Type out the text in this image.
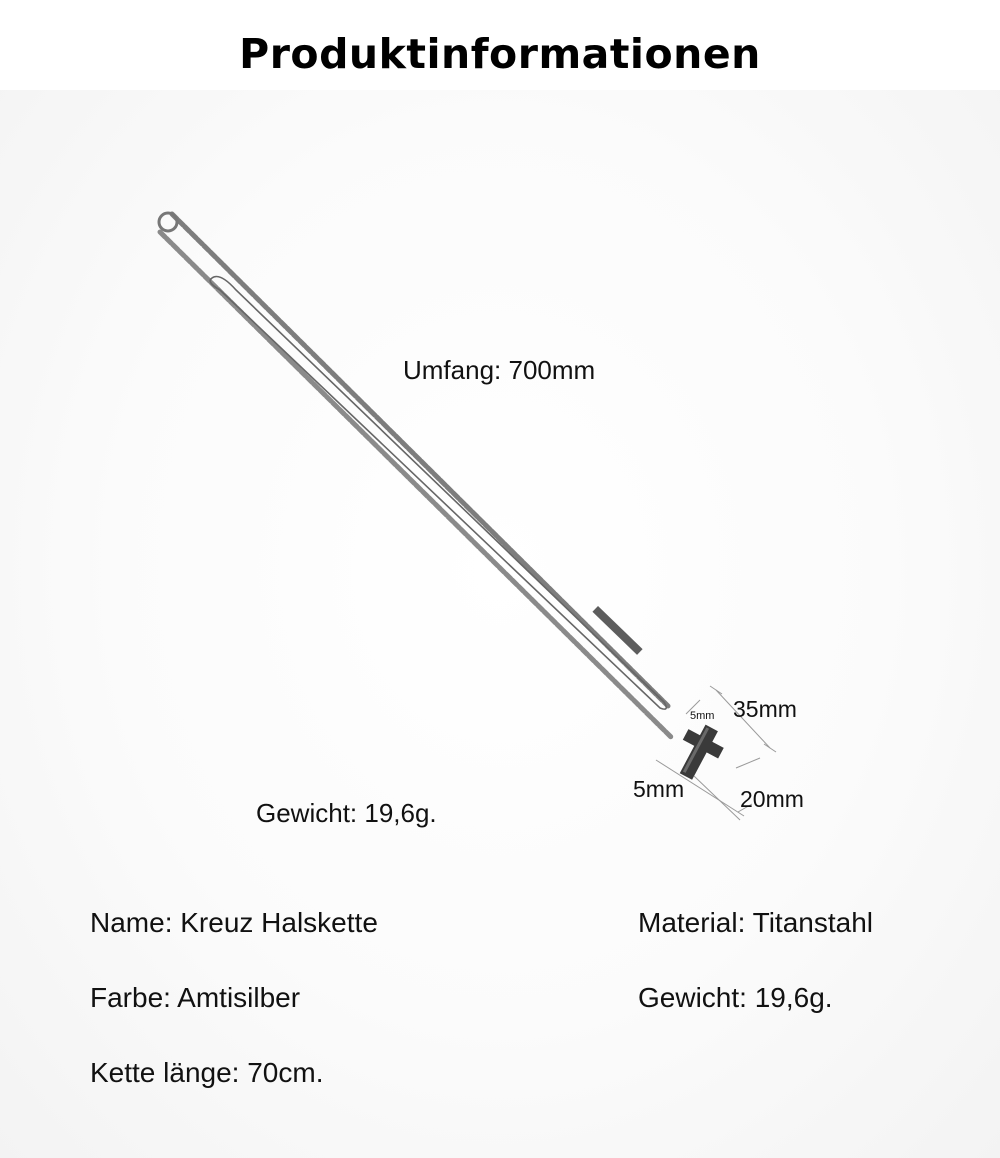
Produktinformationen
Umfang: 700mm
35mm
5mm
5mm 20mm
Gewicht: 19,6g.
Name: Kreuz Halskette	Material: Titanstahl
Farbe: Amtisilber	Gewicht: 19,6g.
Kette länge: 70cm.
